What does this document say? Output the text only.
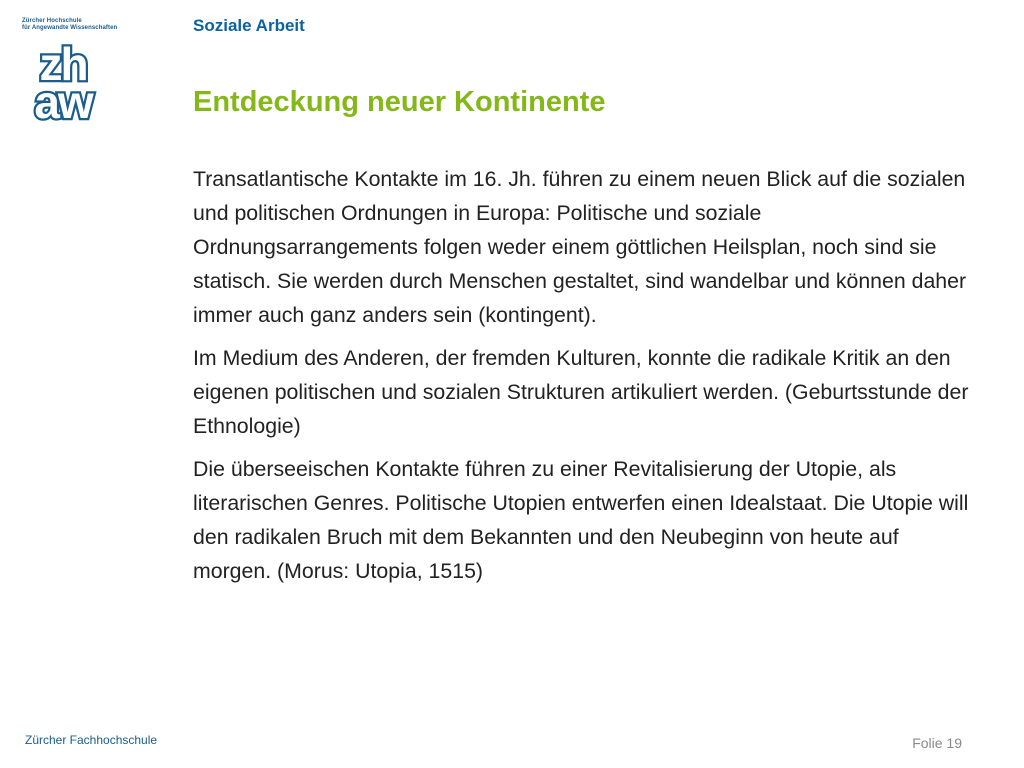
Zürcher Hochschule
für Angewandte Wissenschaften
zh
aw
Soziale Arbeit
Entdeckung neuer Kontinente

Transatlantische Kontakte im 16. Jh. führen zu einem neuen Blick auf die sozialen und politischen Ordnungen in Europa: Politische und soziale Ordnungsarrangements folgen weder einem göttlichen Heilsplan, noch sind sie statisch. Sie werden durch Menschen gestaltet, sind wandelbar und können daher immer auch ganz anders sein (kontingent).

Im Medium des Anderen, der fremden Kulturen, konnte die radikale Kritik an den eigenen politischen und sozialen Strukturen artikuliert werden. (Geburtsstunde der Ethnologie)

Die überseeischen Kontakte führen zu einer Revitalisierung der Utopie, als literarischen Genres. Politische Utopien entwerfen einen Idealstaat. Die Utopie will den radikalen Bruch mit dem Bekannten und den Neubeginn von heute auf morgen. (Morus: Utopia, 1515)

Zürcher Fachhochschule	Folie 19
